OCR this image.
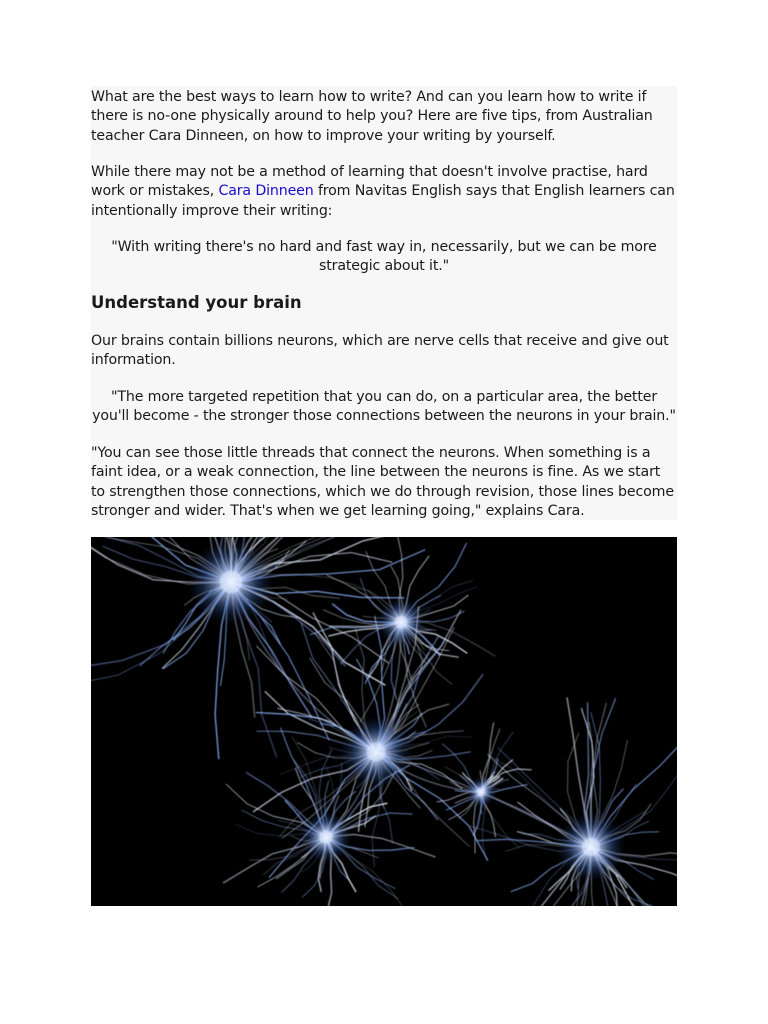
What are the best ways to learn how to write? And can you learn how to write if there is no-one physically around to help you? Here are five tips, from Australian teacher Cara Dinneen, on how to improve your writing by yourself.

While there may not be a method of learning that doesn't involve practise, hard work or mistakes, Cara Dinneen from Navitas English says that English learners can intentionally improve their writing:

"With writing there's no hard and fast way in, necessarily, but we can be more strategic about it."

Understand your brain

Our brains contain billions neurons, which are nerve cells that receive and give out information.

"The more targeted repetition that you can do, on a particular area, the better you'll become - the stronger those connections between the neurons in your brain."

"You can see those little threads that connect the neurons. When something is a faint idea, or a weak connection, the line between the neurons is fine. As we start to strengthen those connections, which we do through revision, those lines become stronger and wider. That's when we get learning going," explains Cara.
